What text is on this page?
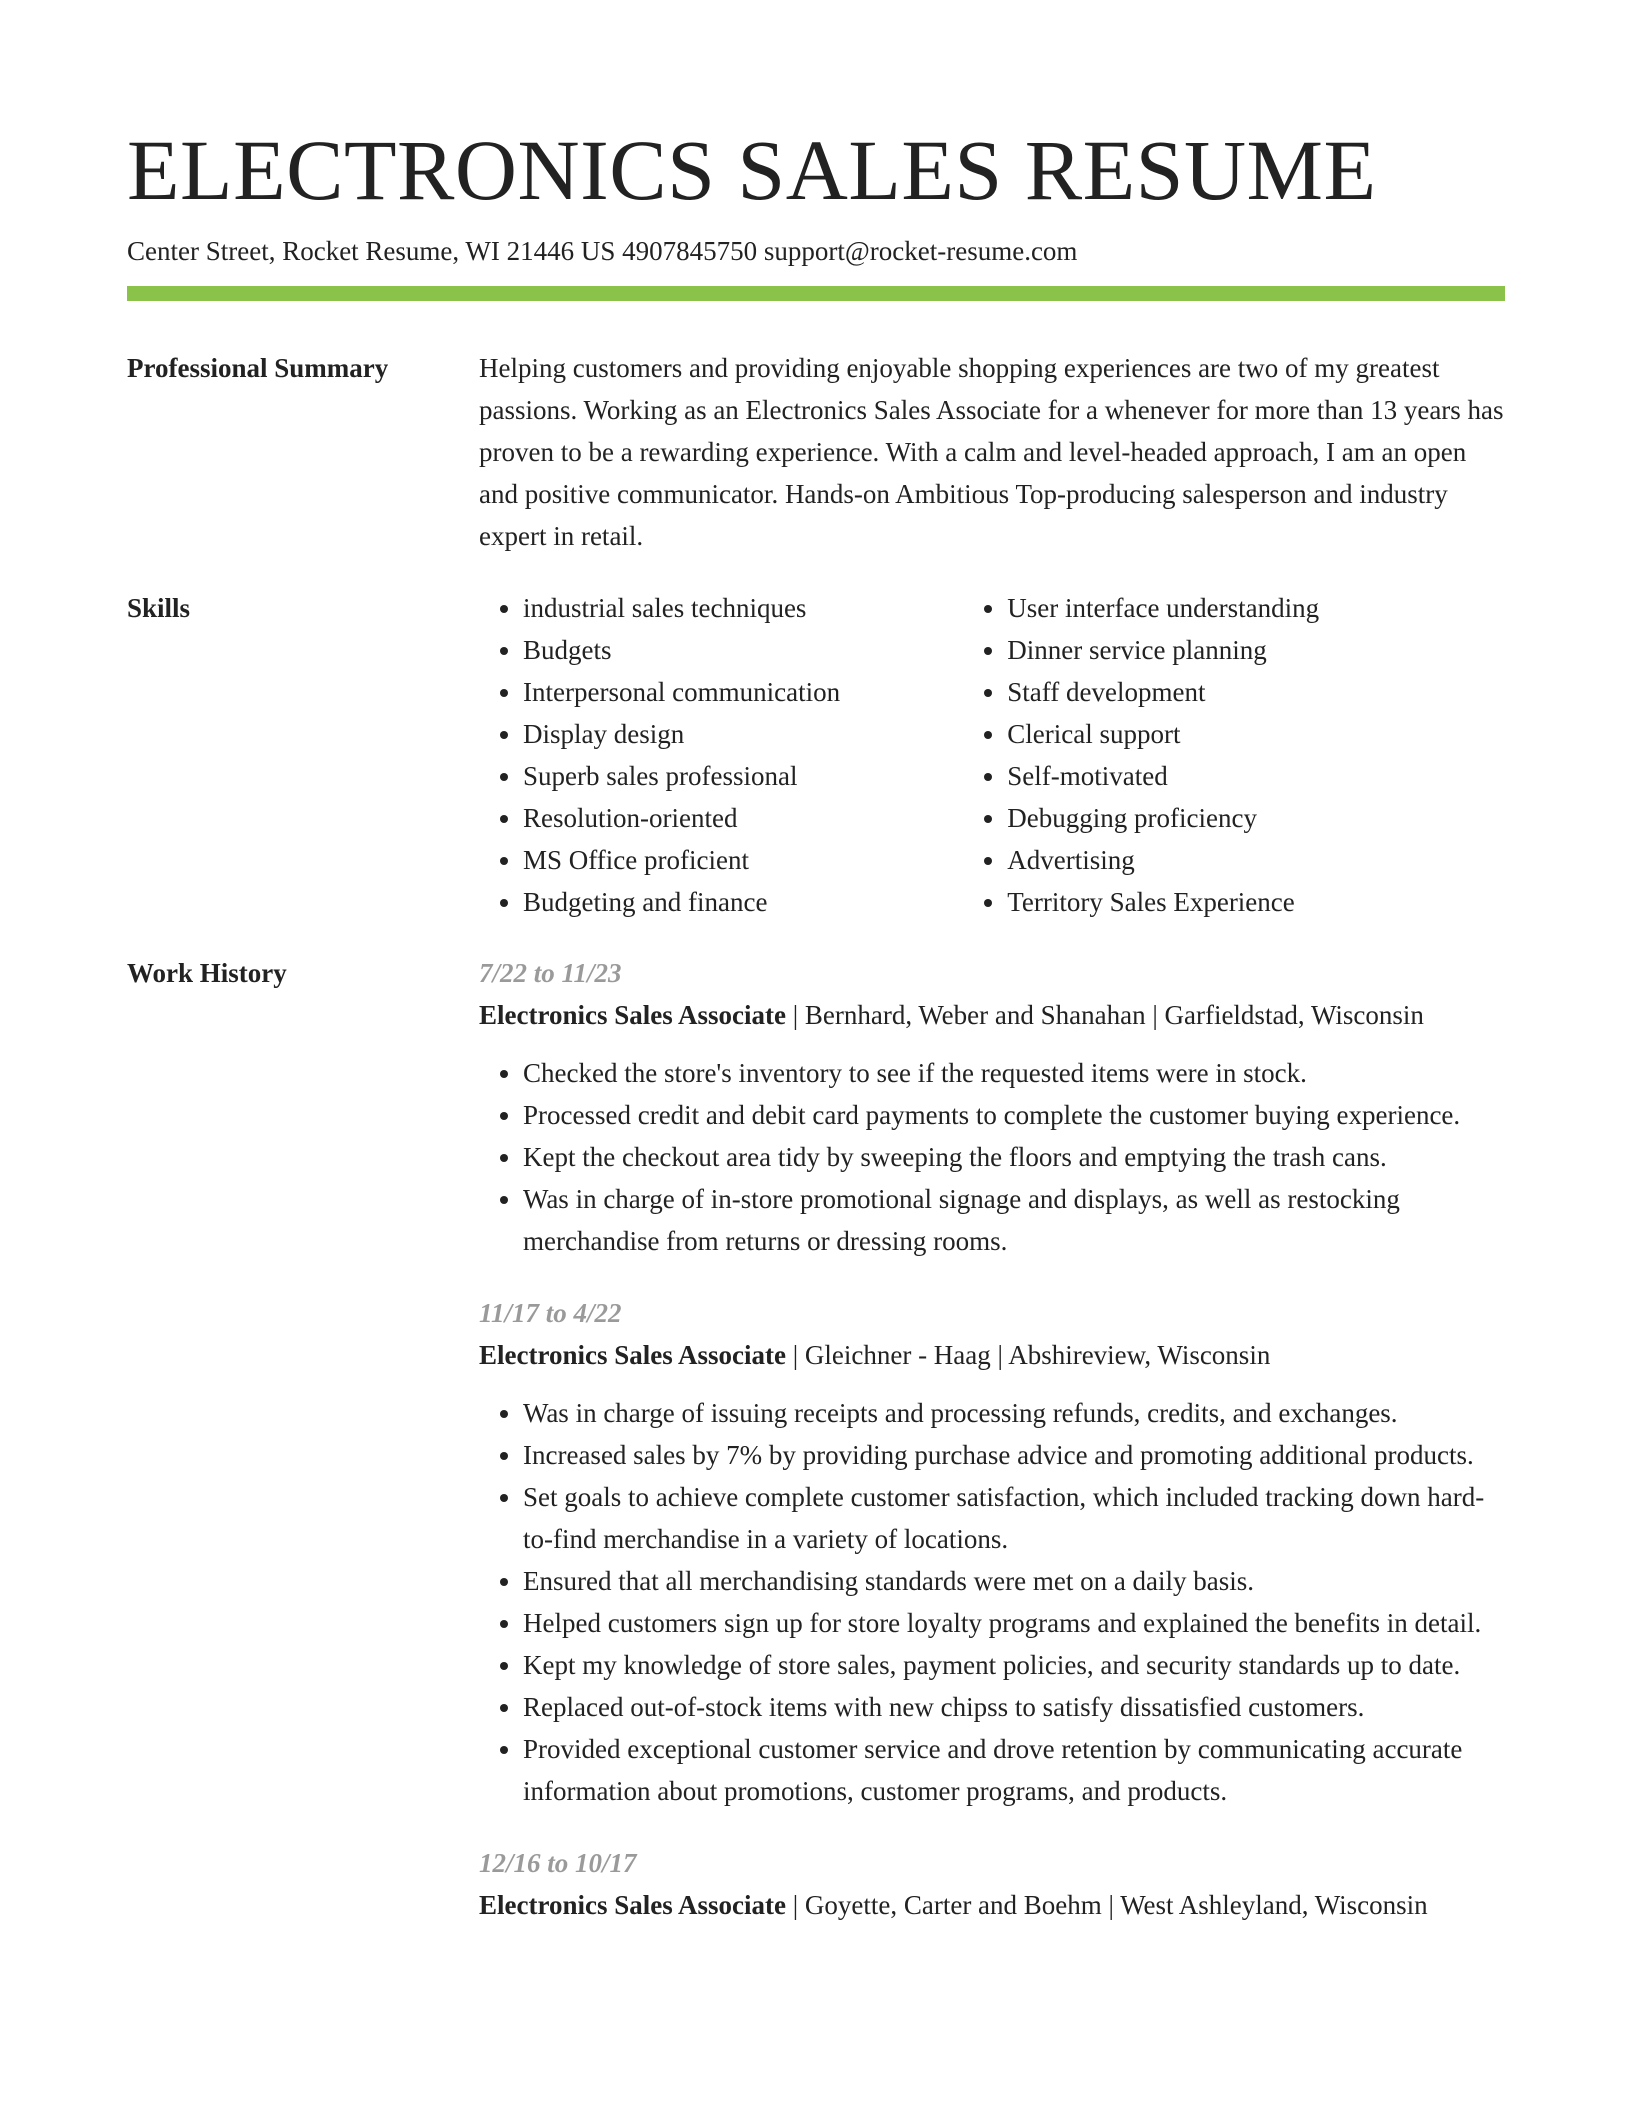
ELECTRONICS SALES RESUME
Center Street, Rocket Resume, WI 21446 US 4907845750 support@rocket-resume.com
Professional Summary	Helping customers and providing enjoyable shopping experiences are two of my greatest passions. Working as an Electronics Sales Associate for a whenever for more than 13 years has proven to be a rewarding experience. With a calm and level-headed approach, I am an open and positive communicator. Hands-on Ambitious Top-producing salesperson and industry expert in retail.

Skills
•	industrial sales techniques
• Budgets
• Interpersonal communication
• Display design
• Superb sales professional
• Resolution-oriented
• MS Office proficient
• Budgeting and finance
• User interface understanding
• Dinner service planning
• Staff development
• Clerical support
• Self-motivated
• Debugging proficiency
• Advertising
• Territory Sales Experience
Work History	7/22 to 11/23
Electronics Sales Associate | Bernhard, Weber and Shanahan | Garfieldstad, Wisconsin
• Checked the store's inventory to see if the requested items were in stock.
• Processed credit and debit card payments to complete the customer buying experience.
• Kept the checkout area tidy by sweeping the floors and emptying the trash cans.
• Was in charge of in-store promotional signage and displays, as well as restocking merchandise from returns or dressing rooms.
11/17 to 4/22
Electronics Sales Associate | Gleichner - Haag | Abshireview, Wisconsin
• Was in charge of issuing receipts and processing refunds, credits, and exchanges.
• Increased sales by 7% by providing purchase advice and promoting additional products.
• Set goals to achieve complete customer satisfaction, which included tracking down hard-to-find merchandise in a variety of locations.
• Ensured that all merchandising standards were met on a daily basis.
• Helped customers sign up for store loyalty programs and explained the benefits in detail.
• Kept my knowledge of store sales, payment policies, and security standards up to date.
• Replaced out-of-stock items with new chipss to satisfy dissatisfied customers.
• Provided exceptional customer service and drove retention by communicating accurate information about promotions, customer programs, and products.
12/16 to 10/17
Electronics Sales Associate | Goyette, Carter and Boehm | West Ashleyland, Wisconsin
